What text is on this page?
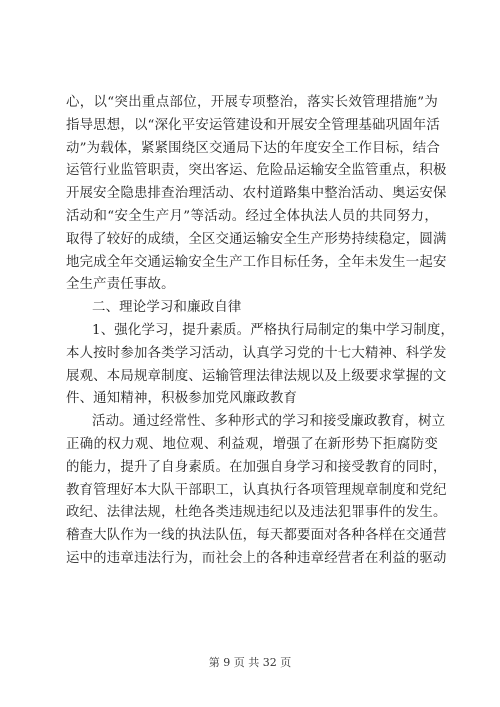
心，以“突出重点部位，开展专项整治，落实长效管理措施”为
指导思想，以“深化平安运管建设和开展安全管理基础巩固年活
动”为载体，紧紧围绕区交通局下达的年度安全工作目标，结合
运管行业监管职责，突出客运、危险品运输安全监管重点，积极
开展安全隐患排查治理活动、农村道路集中整治活动、奥运安保
活动和“安全生产月”等活动。经过全体执法人员的共同努力，
取得了较好的成绩，全区交通运输安全生产形势持续稳定，圆满
地完成全年交通运输安全生产工作目标任务，全年未发生一起安
全生产责任事故。
二、理论学习和廉政自律
1、强化学习，提升素质。严格执行局制定的集中学习制度，
本人按时参加各类学习活动，认真学习党的十七大精神、科学发
展观、本局规章制度、运输管理法律法规以及上级要求掌握的文
件、通知精神，积极参加党风廉政教育
活动。通过经常性、多种形式的学习和接受廉政教育，树立
正确的权力观、地位观、利益观，增强了在新形势下拒腐防变
的能力，提升了自身素质。在加强自身学习和接受教育的同时，
教育管理好本大队干部职工，认真执行各项管理规章制度和党纪
政纪、法律法规，杜绝各类违规违纪以及违法犯罪事件的发生。
稽查大队作为一线的执法队伍，每天都要面对各种各样在交通营
运中的违章违法行为，而社会上的各种违章经营者在利益的驱动
第 9 页 共 32 页
